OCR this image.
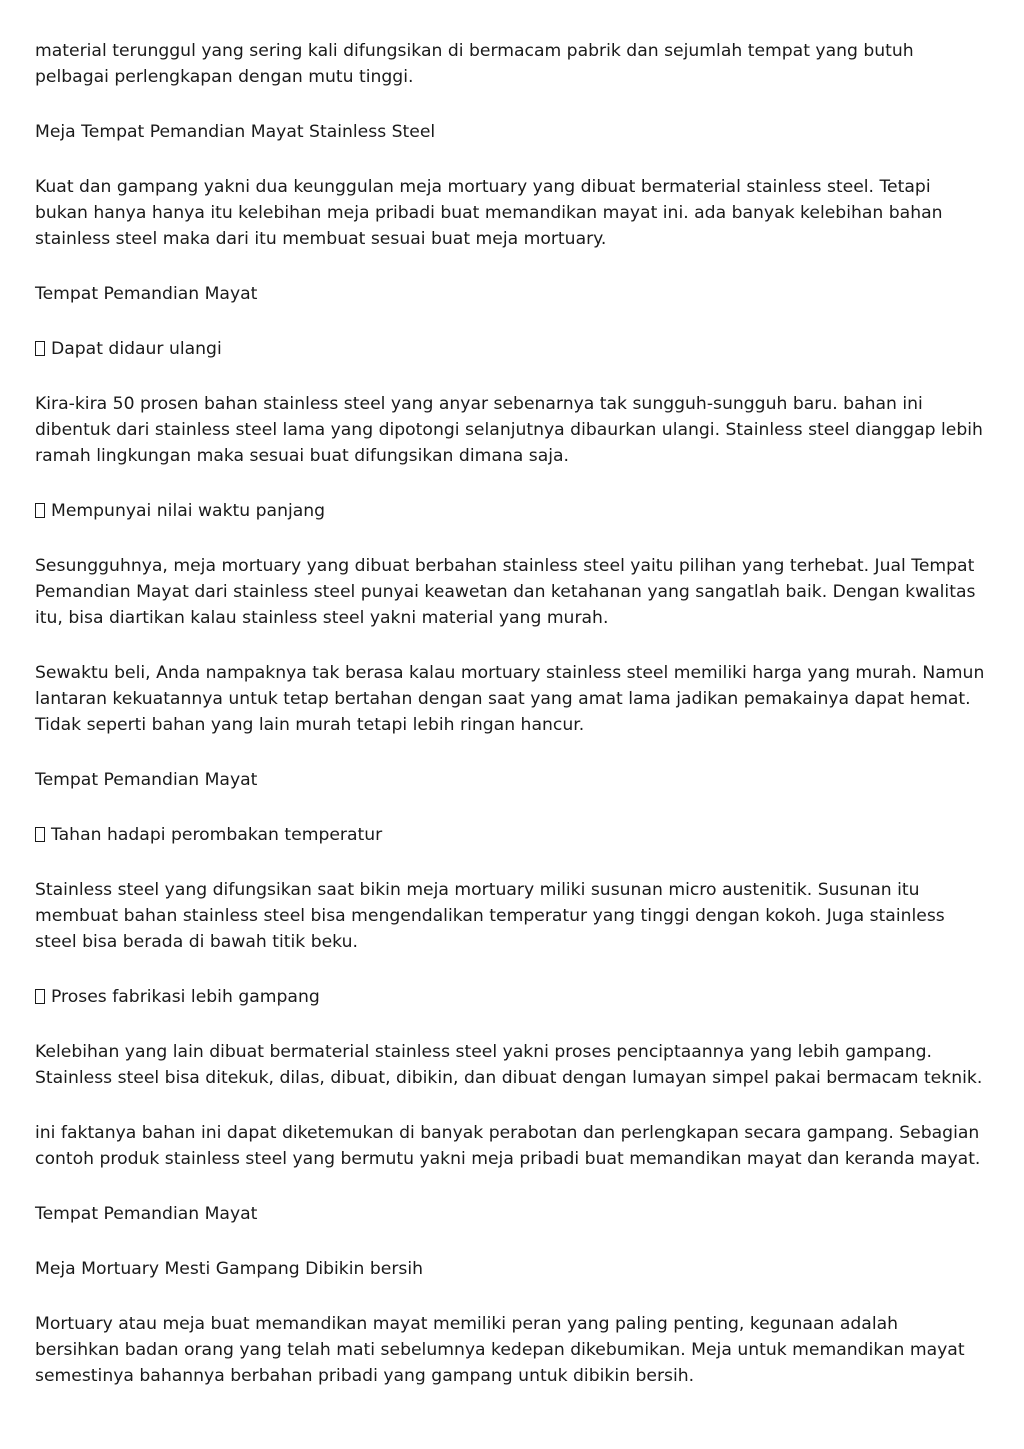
material terunggul yang sering kali difungsikan di bermacam pabrik dan sejumlah tempat yang butuh pelbagai perlengkapan dengan mutu tinggi.

Meja Tempat Pemandian Mayat Stainless Steel

Kuat dan gampang yakni dua keunggulan meja mortuary yang dibuat bermaterial stainless steel. Tetapi bukan hanya hanya itu kelebihan meja pribadi buat memandikan mayat ini. ada banyak kelebihan bahan stainless steel maka dari itu membuat sesuai buat meja mortuary.

Tempat Pemandian Mayat

Dapat didaur ulangi

Kira-kira 50 prosen bahan stainless steel yang anyar sebenarnya tak sungguh-sungguh baru. bahan ini dibentuk dari stainless steel lama yang dipotongi selanjutnya dibaurkan ulangi. Stainless steel dianggap lebih ramah lingkungan maka sesuai buat difungsikan dimana saja.

Mempunyai nilai waktu panjang

Sesungguhnya, meja mortuary yang dibuat berbahan stainless steel yaitu pilihan yang terhebat. Jual Tempat Pemandian Mayat dari stainless steel punyai keawetan dan ketahanan yang sangatlah baik. Dengan kwalitas itu, bisa diartikan kalau stainless steel yakni material yang murah.

Sewaktu beli, Anda nampaknya tak berasa kalau mortuary stainless steel memiliki harga yang murah. Namun lantaran kekuatannya untuk tetap bertahan dengan saat yang amat lama jadikan pemakainya dapat hemat. Tidak seperti bahan yang lain murah tetapi lebih ringan hancur.

Tempat Pemandian Mayat

Tahan hadapi perombakan temperatur

Stainless steel yang difungsikan saat bikin meja mortuary miliki susunan micro austenitik. Susunan itu membuat bahan stainless steel bisa mengendalikan temperatur yang tinggi dengan kokoh. Juga stainless steel bisa berada di bawah titik beku.

Proses fabrikasi lebih gampang

Kelebihan yang lain dibuat bermaterial stainless steel yakni proses penciptaannya yang lebih gampang. Stainless steel bisa ditekuk, dilas, dibuat, dibikin, dan dibuat dengan lumayan simpel pakai bermacam teknik.

ini faktanya bahan ini dapat diketemukan di banyak perabotan dan perlengkapan secara gampang. Sebagian contoh produk stainless steel yang bermutu yakni meja pribadi buat memandikan mayat dan keranda mayat.

Tempat Pemandian Mayat

Meja Mortuary Mesti Gampang Dibikin bersih

Mortuary atau meja buat memandikan mayat memiliki peran yang paling penting, kegunaan adalah bersihkan badan orang yang telah mati sebelumnya kedepan dikebumikan. Meja untuk memandikan mayat semestinya bahannya berbahan pribadi yang gampang untuk dibikin bersih.
